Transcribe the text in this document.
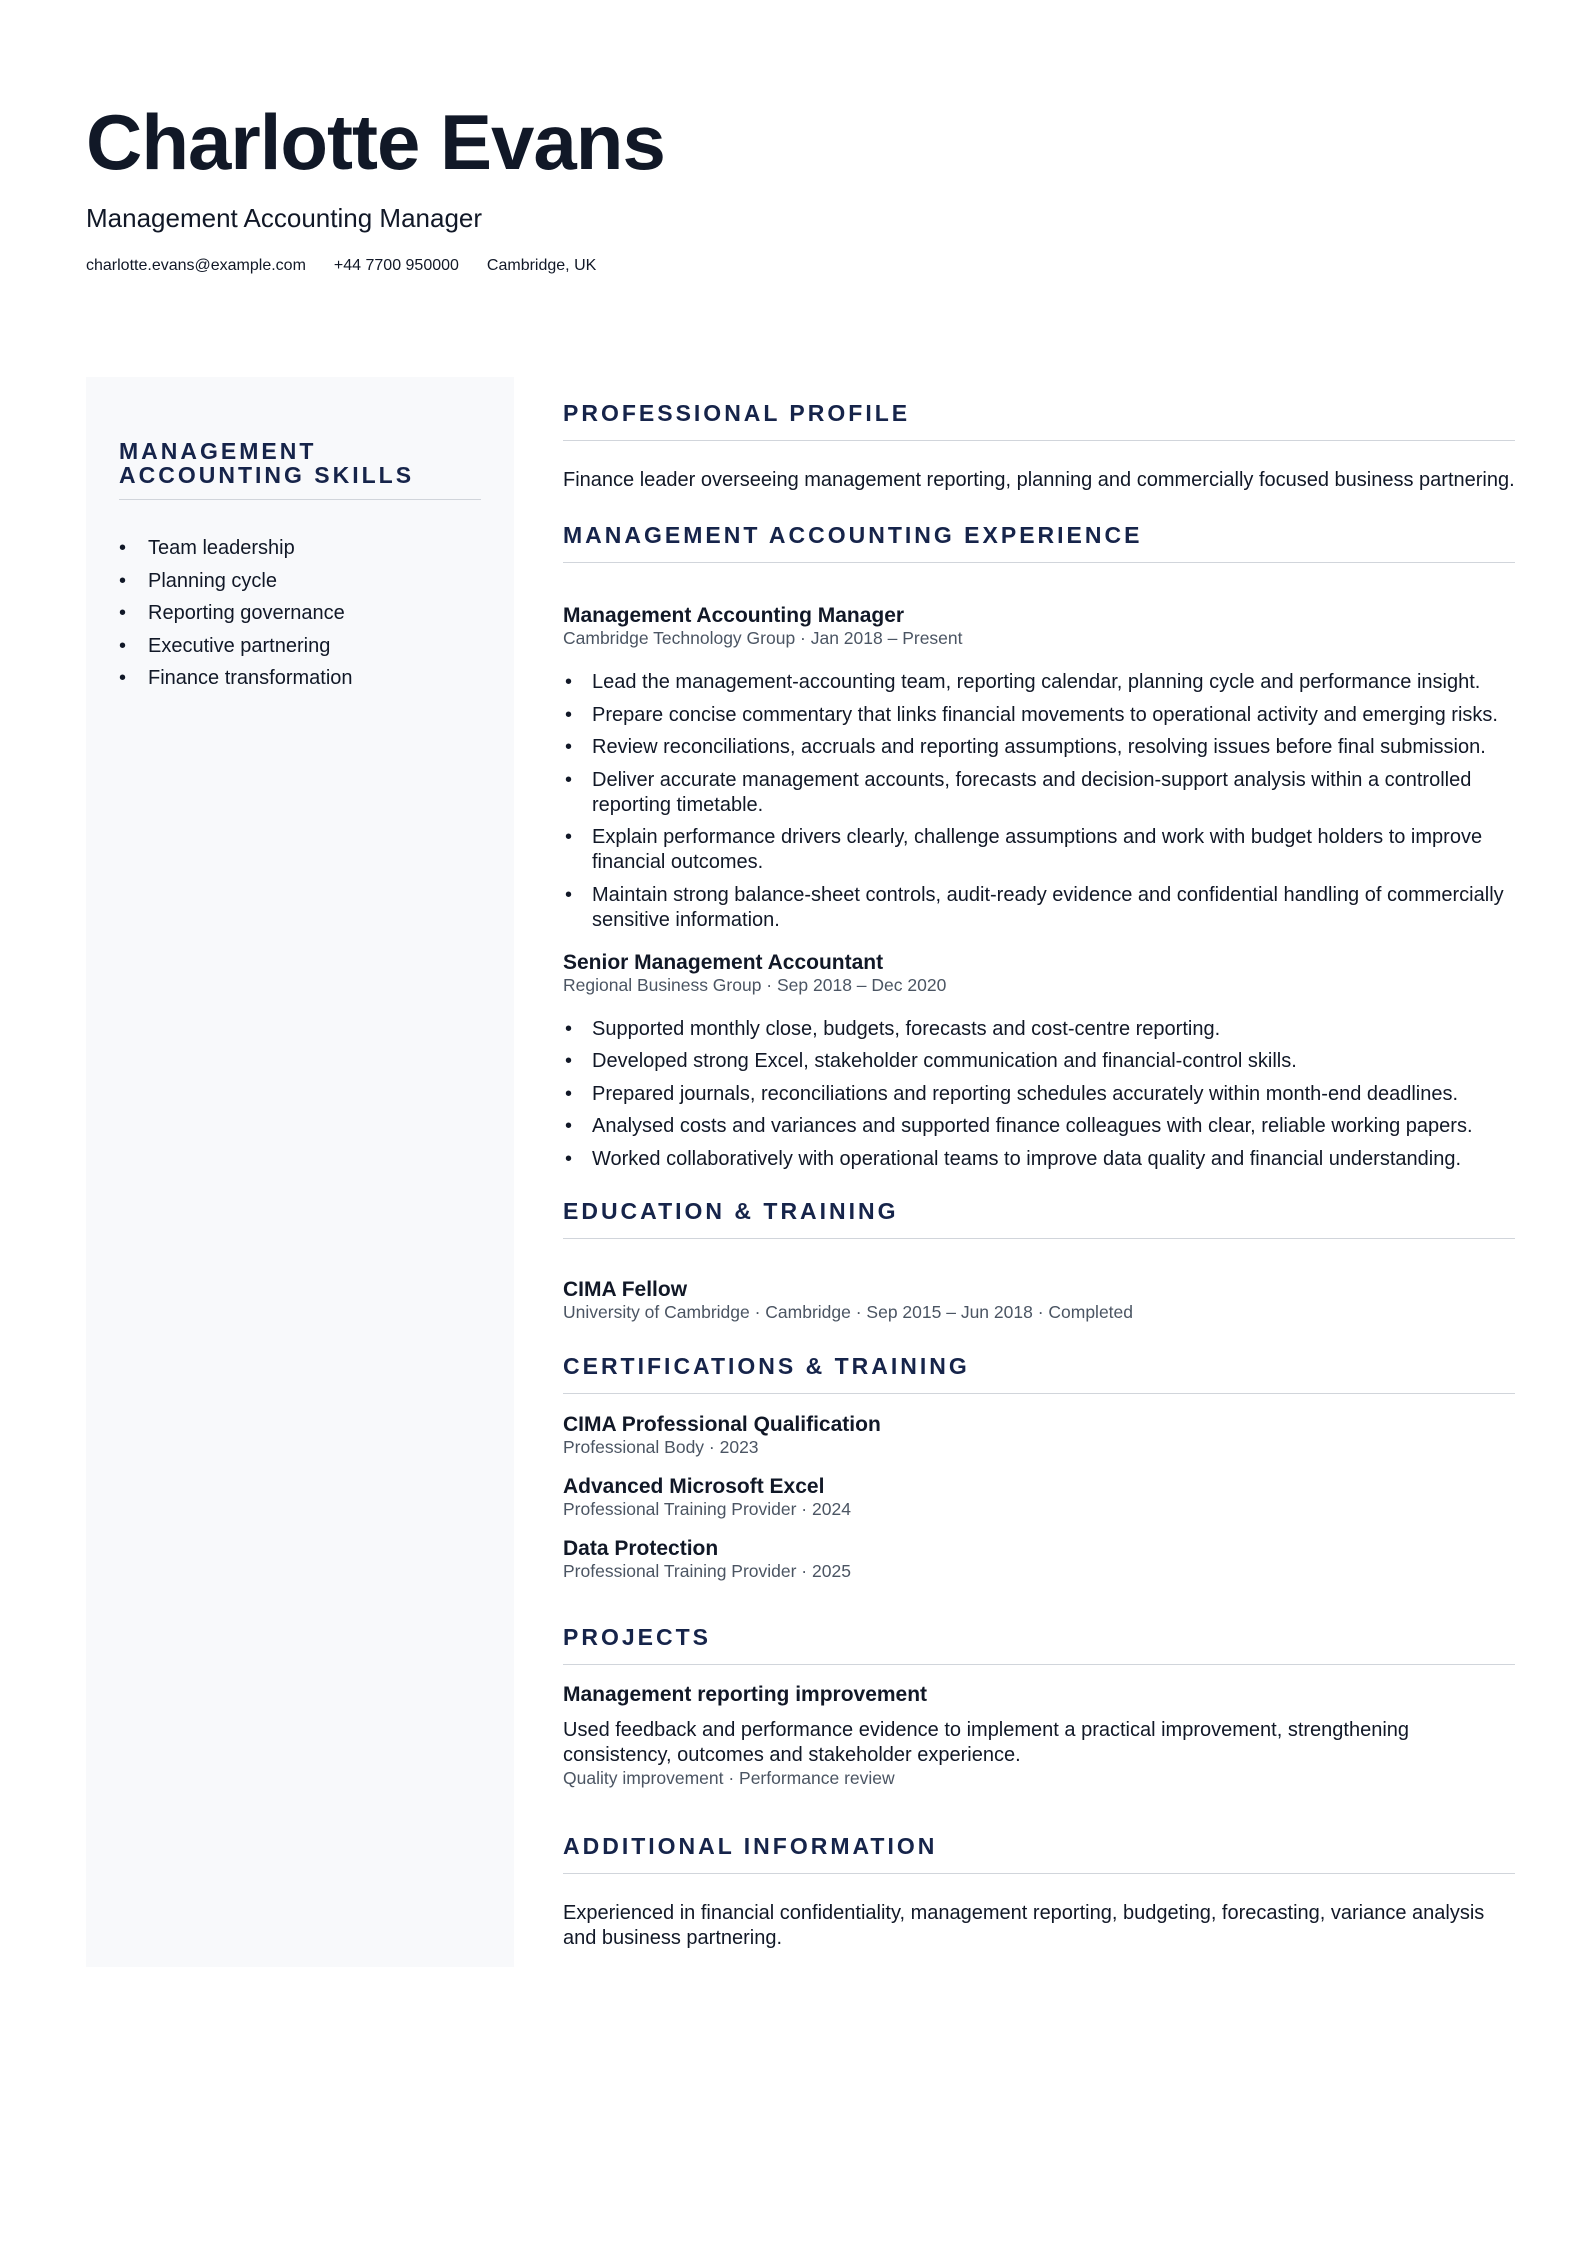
Charlotte Evans
Management Accounting Manager
charlotte.evans@example.com +44 7700 950000 Cambridge, UK
MANAGEMENT ACCOUNTING SKILLS
• Team leadership
• Planning cycle
• Reporting governance
• Executive partnering
• Finance transformation
PROFESSIONAL PROFILE

Finance leader overseeing management reporting, planning and commercially focused business partnering.

MANAGEMENT ACCOUNTING EXPERIENCE
Management Accounting Manager
Cambridge Technology Group · Jan 2018 – Present
• Lead the management-accounting team, reporting calendar, planning cycle and performance insight.
• Prepare concise commentary that links financial movements to operational activity and emerging risks.
• Review reconciliations, accruals and reporting assumptions, resolving issues before final submission.
• Deliver accurate management accounts, forecasts and decision-support analysis within a controlled reporting timetable.
• Explain performance drivers clearly, challenge assumptions and work with budget holders to improve financial outcomes.
• Maintain strong balance-sheet controls, audit-ready evidence and confidential handling of commercially sensitive information.
Senior Management Accountant
Regional Business Group · Sep 2018 – Dec 2020
• Supported monthly close, budgets, forecasts and cost-centre reporting.
• Developed strong Excel, stakeholder communication and financial-control skills.
• Prepared journals, reconciliations and reporting schedules accurately within month-end deadlines.
• Analysed costs and variances and supported finance colleagues with clear, reliable working papers.
• Worked collaboratively with operational teams to improve data quality and financial understanding.
EDUCATION & TRAINING
CIMA Fellow
University of Cambridge · Cambridge · Sep 2015 – Jun 2018 · Completed
CERTIFICATIONS & TRAINING
CIMA Professional Qualification
Professional Body · 2023
Advanced Microsoft Excel
Professional Training Provider · 2024
Data Protection
Professional Training Provider · 2025
PROJECTS
Management reporting improvement

Used feedback and performance evidence to implement a practical improvement, strengthening consistency, outcomes and stakeholder experience.

Quality improvement · Performance review
ADDITIONAL INFORMATION

Experienced in financial confidentiality, management reporting, budgeting, forecasting, variance analysis and business partnering.
